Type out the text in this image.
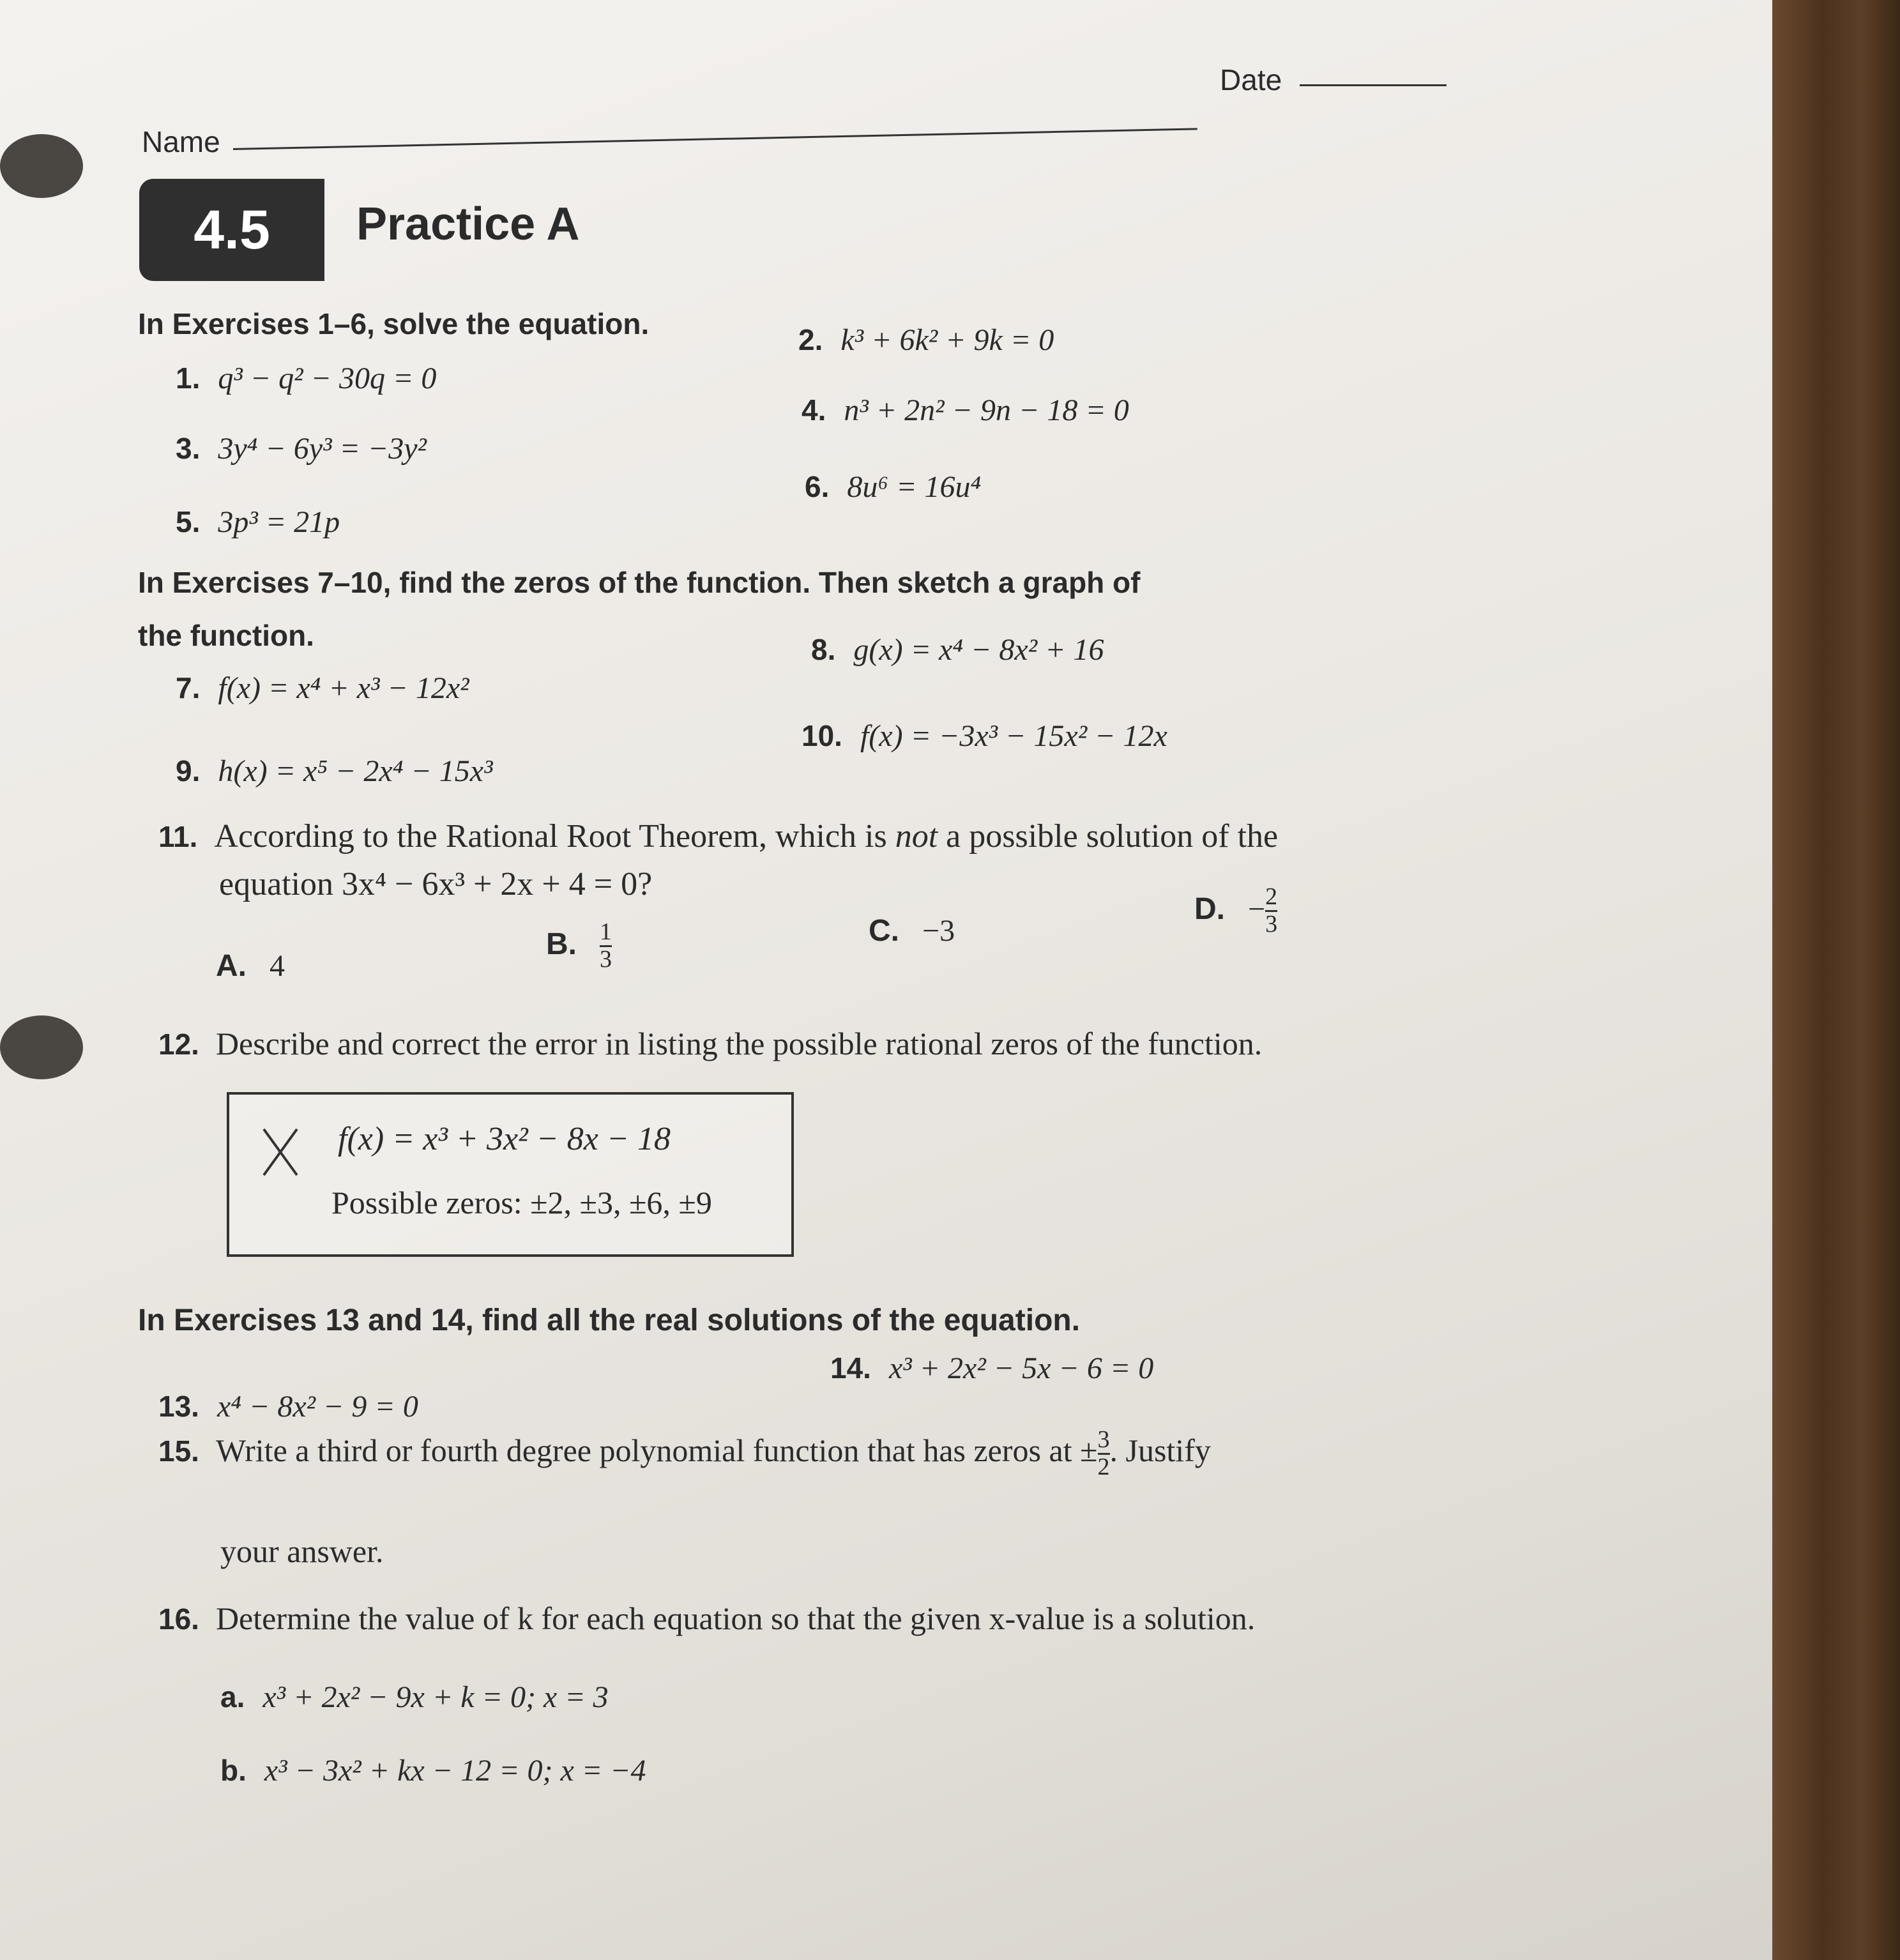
Name
Date
4.5	Practice A
In Exercises 1–6, solve the equation.
1. q³ − q² − 30q = 0
2. k³ + 6k² + 9k = 0
3. 3y⁴ − 6y³ = −3y²
4. n³ + 2n² − 9n − 18 = 0
5. 3p³ = 21p
6. 8u⁶ = 16u⁴
In Exercises 7–10, find the zeros of the function. Then sketch a graph of
the function.
7. f(x) = x⁴ + x³ − 12x²
8. g(x) = x⁴ − 8x² + 16
9. h(x) = x⁵ − 2x⁴ − 15x³
10. f(x) = −3x³ − 15x² − 12x
11. According to the Rational Root Theorem, which is not a possible solution of the
equation 3x⁴ − 6x³ + 2x + 4 = 0?
A. 4
B. $\frac{1}{3}$	C. −3
D. − $\frac{2}{3}$
12. Describe and correct the error in listing the possible rational zeros of the function.
f(x) = x³ + 3x² − 8x − 18
Possible zeros: ±2, ±3, ±6, ±9
In Exercises 13 and 14, find all the real solutions of the equation.
13. x⁴ − 8x² − 9 = 0
14. x³ + 2x² − 5x − 6 = 0
15. Write a third or fourth degree polynomial function that has zeros at ± $\frac{3}{2}$ . Justify
your answer.
16. Determine the value of k for each equation so that the given x-value is a solution.
a. x³ + 2x² − 9x + k = 0; x = 3
b. x³ − 3x² + kx − 12 = 0; x = −4
